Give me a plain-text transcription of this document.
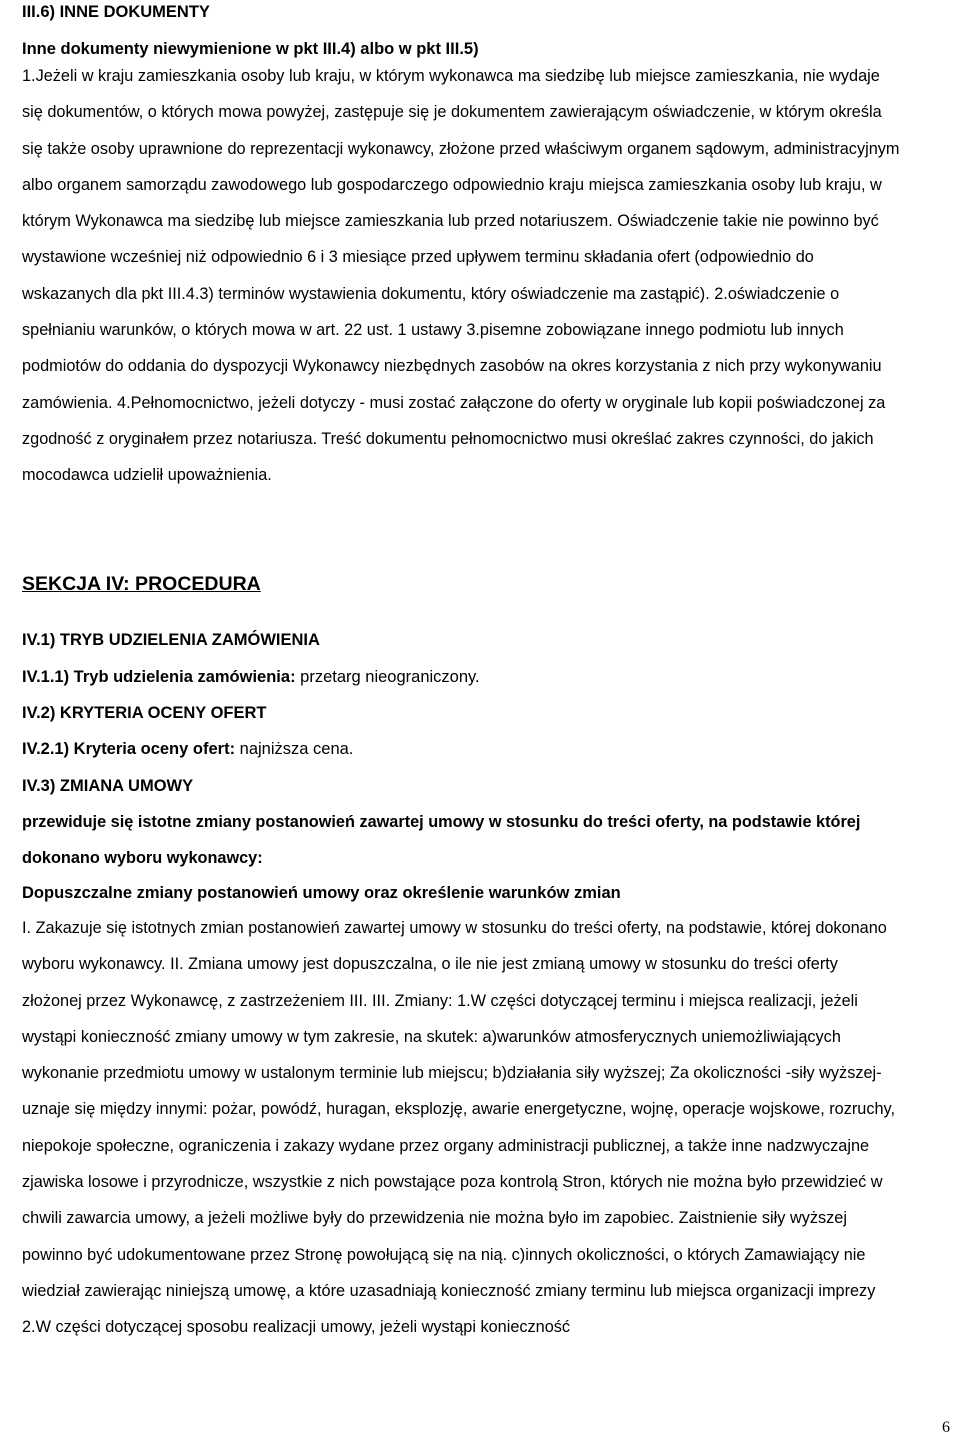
III.6) INNE DOKUMENTY
Inne dokumenty niewymienione w pkt III.4) albo w pkt III.5)

1.Jeżeli w kraju zamieszkania osoby lub kraju, w którym wykonawca ma siedzibę lub miejsce zamieszkania, nie wydaje się dokumentów, o których mowa powyżej, zastępuje się je dokumentem zawierającym oświadczenie, w którym określa się także osoby uprawnione do reprezentacji wykonawcy, złożone przed właściwym organem sądowym, administracyjnym albo organem samorządu zawodowego lub gospodarczego odpowiednio kraju miejsca zamieszkania osoby lub kraju, w którym Wykonawca ma siedzibę lub miejsce zamieszkania lub przed notariuszem. Oświadczenie takie nie powinno być wystawione wcześniej niż odpowiednio 6 i 3 miesiące przed upływem terminu składania ofert (odpowiednio do wskazanych dla pkt III.4.3) terminów wystawienia dokumentu, który oświadczenie ma zastąpić). 2.oświadczenie o spełnianiu warunków, o których mowa w art. 22 ust. 1 ustawy 3.pisemne zobowiązane innego podmiotu lub innych podmiotów do oddania do dyspozycji Wykonawcy niezbędnych zasobów na okres korzystania z nich przy wykonywaniu zamówienia. 4.Pełnomocnictwo, jeżeli dotyczy - musi zostać załączone do oferty w oryginale lub kopii poświadczonej za zgodność z oryginałem przez notariusza. Treść dokumentu pełnomocnictwo musi określać zakres czynności, do jakich mocodawca udzielił upoważnienia.

SEKCJA IV: PROCEDURA
IV.1) TRYB UDZIELENIA ZAMÓWIENIA
IV.1.1) Tryb udzielenia zamówienia: przetarg nieograniczony.
IV.2) KRYTERIA OCENY OFERT
IV.2.1) Kryteria oceny ofert: najniższa cena.
IV.3) ZMIANA UMOWY

przewiduje się istotne zmiany postanowień zawartej umowy w stosunku do treści oferty, na podstawie której dokonano wyboru wykonawcy:

Dopuszczalne zmiany postanowień umowy oraz określenie warunków zmian

I. Zakazuje się istotnych zmian postanowień zawartej umowy w stosunku do treści oferty, na podstawie, której dokonano wyboru wykonawcy. II. Zmiana umowy jest dopuszczalna, o ile nie jest zmianą umowy w stosunku do treści oferty złożonej przez Wykonawcę, z zastrzeżeniem III. III. Zmiany: 1.W części dotyczącej terminu i miejsca realizacji, jeżeli wystąpi konieczność zmiany umowy w tym zakresie, na skutek: a)warunków atmosferycznych uniemożliwiających wykonanie przedmiotu umowy w ustalonym terminie lub miejscu; b)działania siły wyższej; Za okoliczności -siły wyższej- uznaje się między innymi: pożar, powódź, huragan, eksplozję, awarie energetyczne, wojnę, operacje wojskowe, rozruchy, niepokoje społeczne, ograniczenia i zakazy wydane przez organy administracji publicznej, a także inne nadzwyczajne zjawiska losowe i przyrodnicze, wszystkie z nich powstające poza kontrolą Stron, których nie można było przewidzieć w chwili zawarcia umowy, a jeżeli możliwe były do przewidzenia nie można było im zapobiec. Zaistnienie siły wyższej powinno być udokumentowane przez Stronę powołującą się na nią. c)innych okoliczności, o których Zamawiający nie wiedział zawierając niniejszą umowę, a które uzasadniają konieczność zmiany terminu lub miejsca organizacji imprezy 2.W części dotyczącej sposobu realizacji umowy, jeżeli wystąpi konieczność

6
